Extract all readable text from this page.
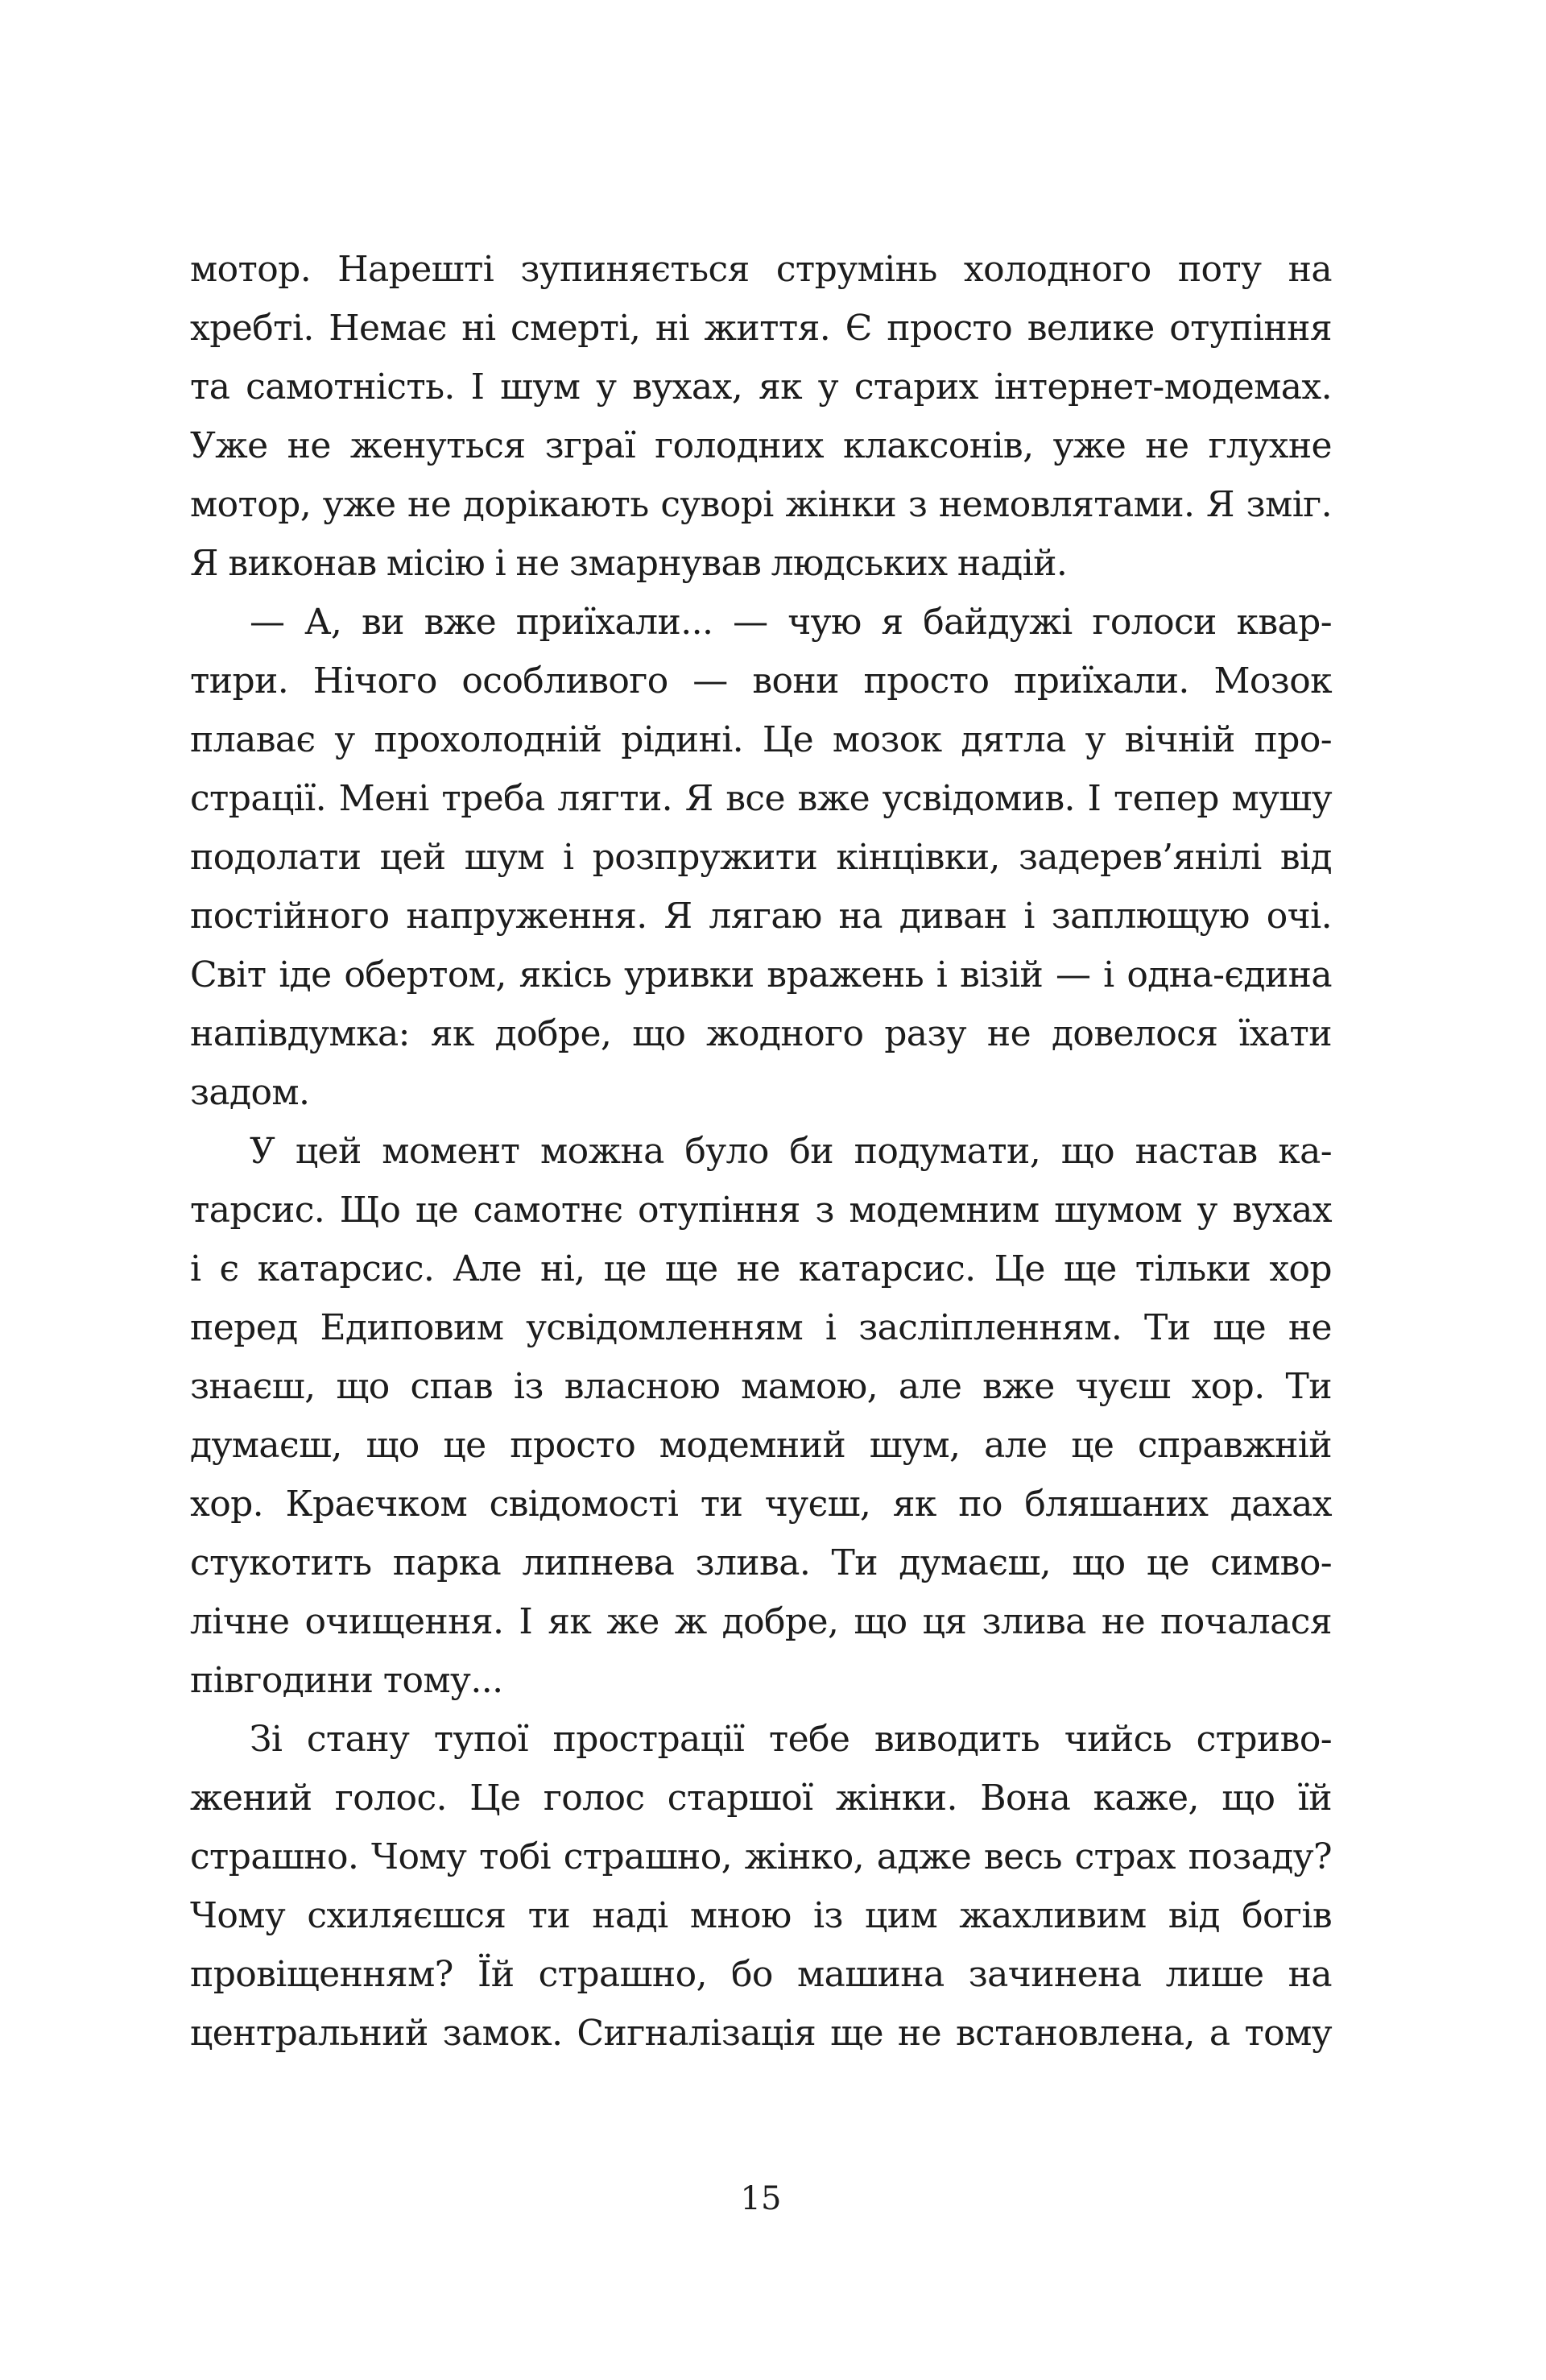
мотор. Нарешті зупиняється струмінь холодного поту на
хребті. Немає ні смерті, ні життя. Є просто велике отупіння
та самотність. І шум у вухах, як у старих інтернет-модемах.
Уже не женуться зграї голодних клаксонів, уже не глухне
мотор, уже не дорікають суворі жінки з немовлятами. Я зміг.
Я виконав місію і не змарнував людських надій.
— А, ви вже приїхали... — чую я байдужі голоси квар-
тири. Нічого особливого — вони просто приїхали. Мозок
плаває у прохолодній рідині. Це мозок дятла у вічній про-
страції. Мені треба лягти. Я все вже усвідомив. І тепер мушу
подолати цей шум і розпружити кінцівки, задерев’янілі від
постійного напруження. Я лягаю на диван і заплющую очі.
Світ іде обертом, якісь уривки вражень і візій — і одна-єдина
напівдумка: як добре, що жодного разу не довелося їхати
задом.
У цей момент можна було би подумати, що настав ка-
тарсис. Що це самотнє отупіння з модемним шумом у вухах
і є катарсис. Але ні, це ще не катарсис. Це ще тільки хор
перед Едиповим усвідомленням і засліпленням. Ти ще не
знаєш, що спав із власною мамою, але вже чуєш хор. Ти
думаєш, що це просто модемний шум, але це справжній
хор. Краєчком свідомості ти чуєш, як по бляшаних дахах
стукотить парка липнева злива. Ти думаєш, що це симво-
лічне очищення. І як же ж добре, що ця злива не почалася
півгодини тому...
Зі стану тупої прострації тебе виводить чийсь стриво-
жений голос. Це голос старшої жінки. Вона каже, що їй
страшно. Чому тобі страшно, жінко, адже весь страх позаду?
Чому схиляєшся ти наді мною із цим жахливим від богів
провіщенням? Їй страшно, бо машина зачинена лише на
центральний замок. Сигналізація ще не встановлена, а тому
15
